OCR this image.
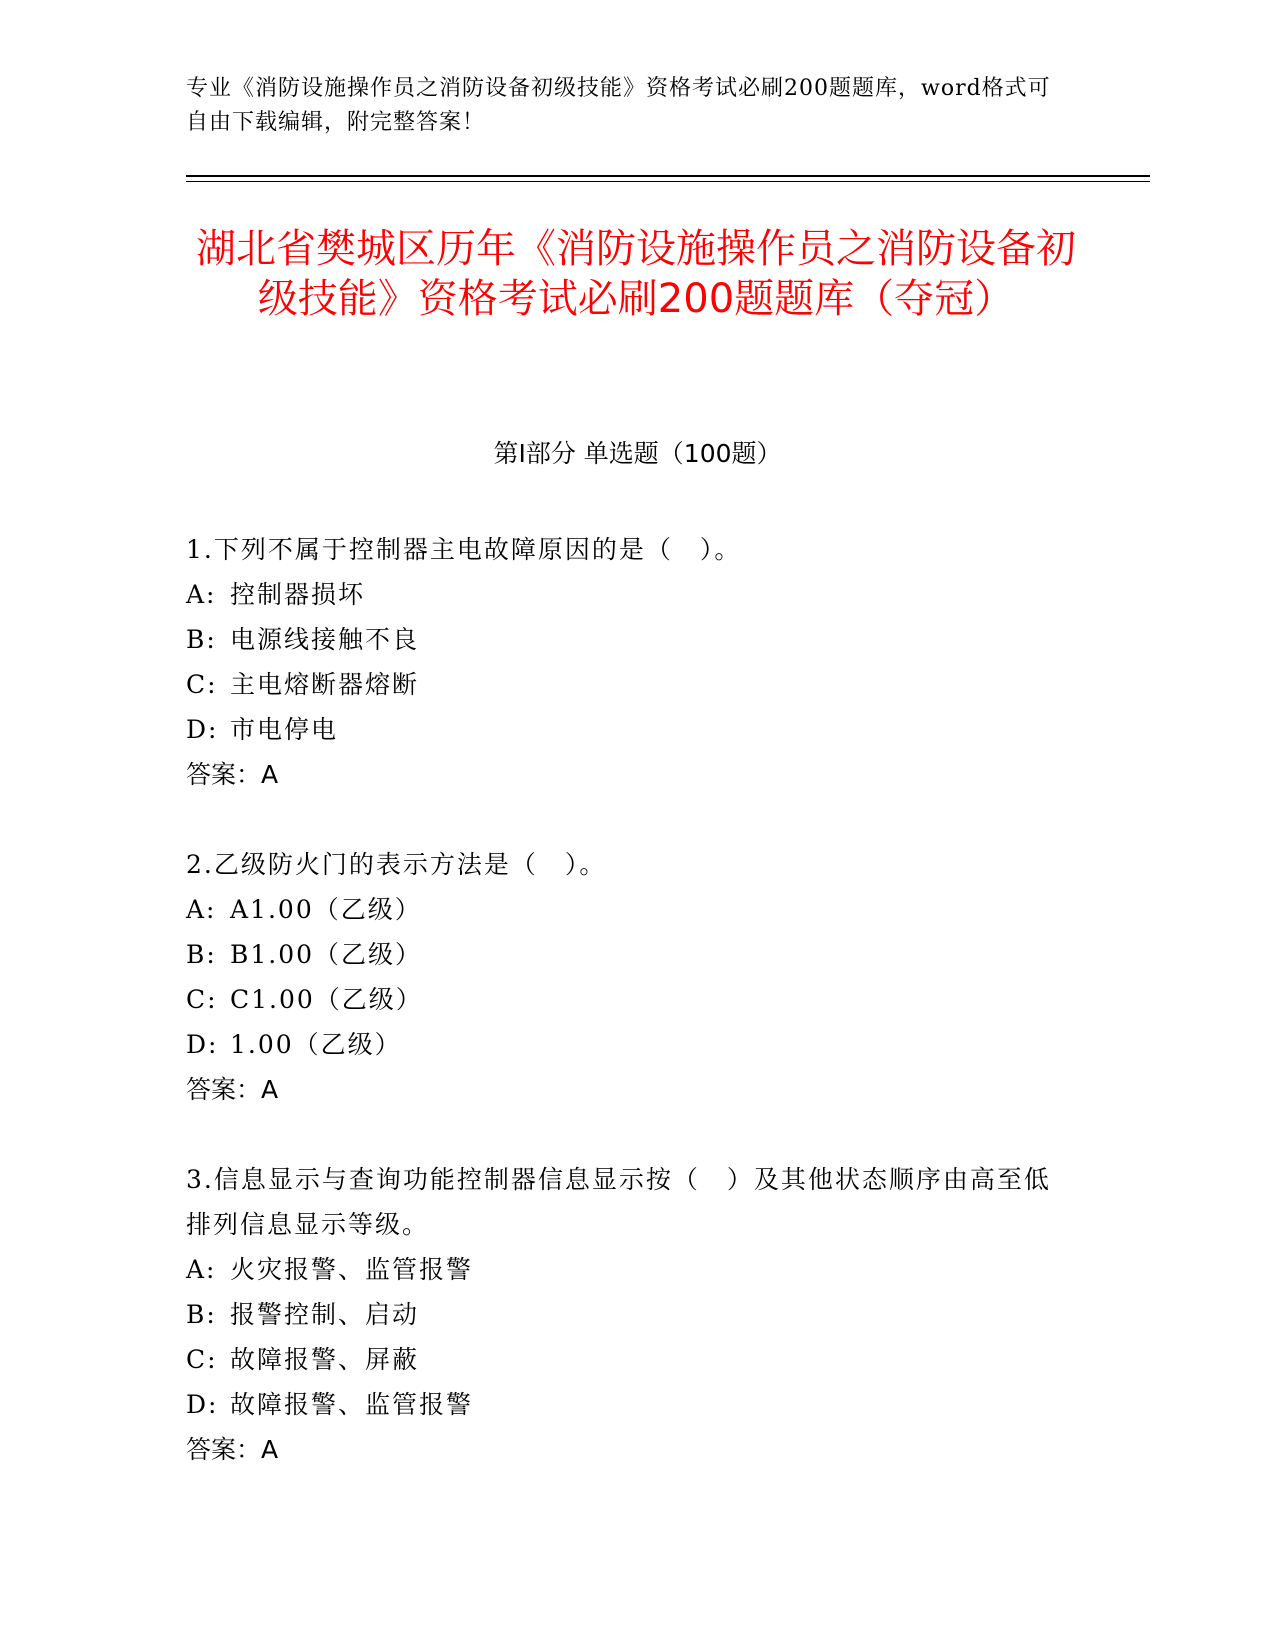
专业《消防设施操作员之消防设备初级技能》资格考试必刷200题题库，word格式可自由下载编辑，附完整答案！
湖北省樊城区历年《消防设施操作员之消防设备初级技能》资格考试必刷200题题库（夺冠）
第Ⅰ部分 单选题（100题）

1.下列不属于控制器主电故障原因的是（　）。

A: 控制器损坏

B: 电源线接触不良

C: 主电熔断器熔断

D: 市电停电

答案：A

2.乙级防火门的表示方法是（　）。

A: A1.00（乙级）

B: B1.00（乙级）

C: C1.00（乙级）

D: 1.00（乙级）

答案：A

3.信息显示与查询功能控制器信息显示按（　）及其他状态顺序由高至低排列信息显示等级。

A: 火灾报警、监管报警

B: 报警控制、启动

C: 故障报警、屏蔽

D: 故障报警、监管报警

答案：A
